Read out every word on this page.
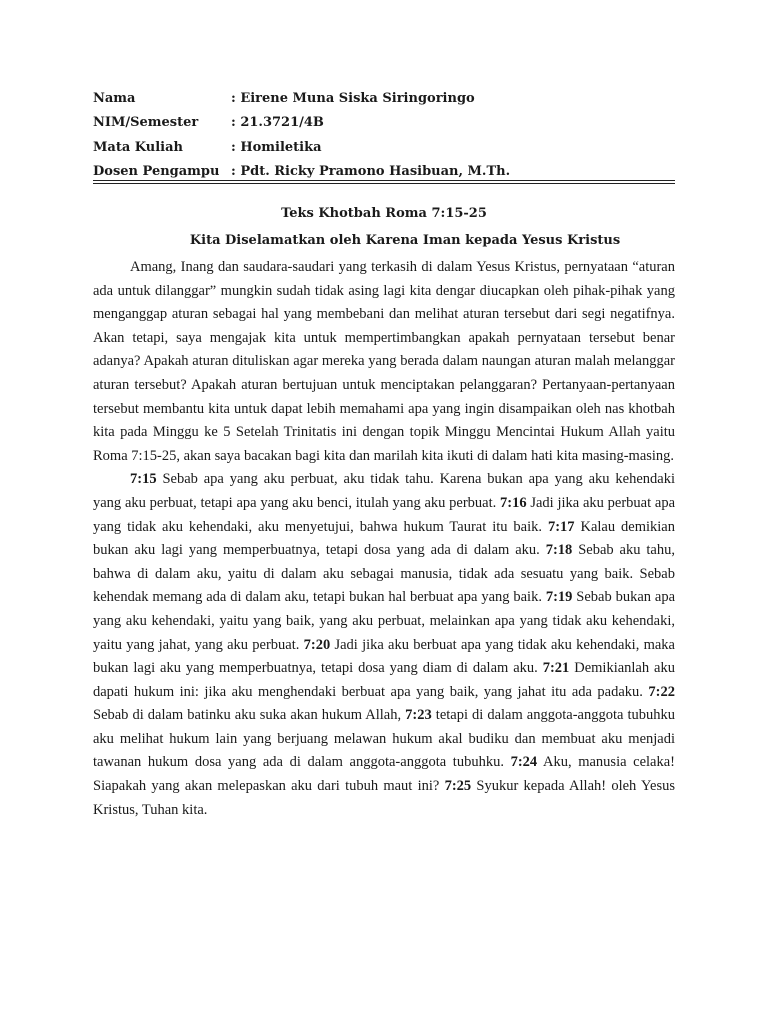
Nama	: Eirene Muna Siska Siringoringo
NIM/Semester	: 21.3721/4B
Mata Kuliah	: Homiletika
Dosen Pengampu : Pdt. Ricky Pramono Hasibuan, M.Th.
Teks Khotbah Roma 7:15-25
Kita Diselamatkan oleh Karena Iman kepada Yesus Kristus

Amang, Inang dan saudara-saudari yang terkasih di dalam Yesus Kristus, pernyataan “aturan ada untuk dilanggar” mungkin sudah tidak asing lagi kita dengar diucapkan oleh pihak-pihak yang menganggap aturan sebagai hal yang membebani dan melihat aturan tersebut dari segi negatifnya. Akan tetapi, saya mengajak kita untuk mempertimbangkan apakah pernyataan tersebut benar adanya? Apakah aturan dituliskan agar mereka yang berada dalam naungan aturan malah melanggar aturan tersebut? Apakah aturan bertujuan untuk menciptakan pelanggaran? Pertanyaan-pertanyaan tersebut membantu kita untuk dapat lebih memahami apa yang ingin disampaikan oleh nas khotbah kita pada Minggu ke 5 Setelah Trinitatis ini dengan topik Minggu Mencintai Hukum Allah yaitu Roma 7:15-25, akan saya bacakan bagi kita dan marilah kita ikuti di dalam hati kita masing-masing.

7:15 Sebab apa yang aku perbuat, aku tidak tahu. Karena bukan apa yang aku kehendaki yang aku perbuat, tetapi apa yang aku benci, itulah yang aku perbuat. 7:16 Jadi jika aku perbuat apa yang tidak aku kehendaki, aku menyetujui, bahwa hukum Taurat itu baik. 7:17 Kalau demikian bukan aku lagi yang memperbuatnya, tetapi dosa yang ada di dalam aku. 7:18 Sebab aku tahu, bahwa di dalam aku, yaitu di dalam aku sebagai manusia, tidak ada sesuatu yang baik. Sebab kehendak memang ada di dalam aku, tetapi bukan hal berbuat apa yang baik. 7:19 Sebab bukan apa yang aku kehendaki, yaitu yang baik, yang aku perbuat, melainkan apa yang tidak aku kehendaki, yaitu yang jahat, yang aku perbuat. 7:20 Jadi jika aku berbuat apa yang tidak aku kehendaki, maka bukan lagi aku yang memperbuatnya, tetapi dosa yang diam di dalam aku. 7:21 Demikianlah aku dapati hukum ini: jika aku menghendaki berbuat apa yang baik, yang jahat itu ada padaku. 7:22 Sebab di dalam batinku aku suka akan hukum Allah, 7:23 tetapi di dalam anggota-anggota tubuhku aku melihat hukum lain yang berjuang melawan hukum akal budiku dan membuat aku menjadi tawanan hukum dosa yang ada di dalam anggota-anggota tubuhku. 7:24 Aku, manusia celaka! Siapakah yang akan melepaskan aku dari tubuh maut ini? 7:25 Syukur kepada Allah! oleh Yesus Kristus, Tuhan kita.
